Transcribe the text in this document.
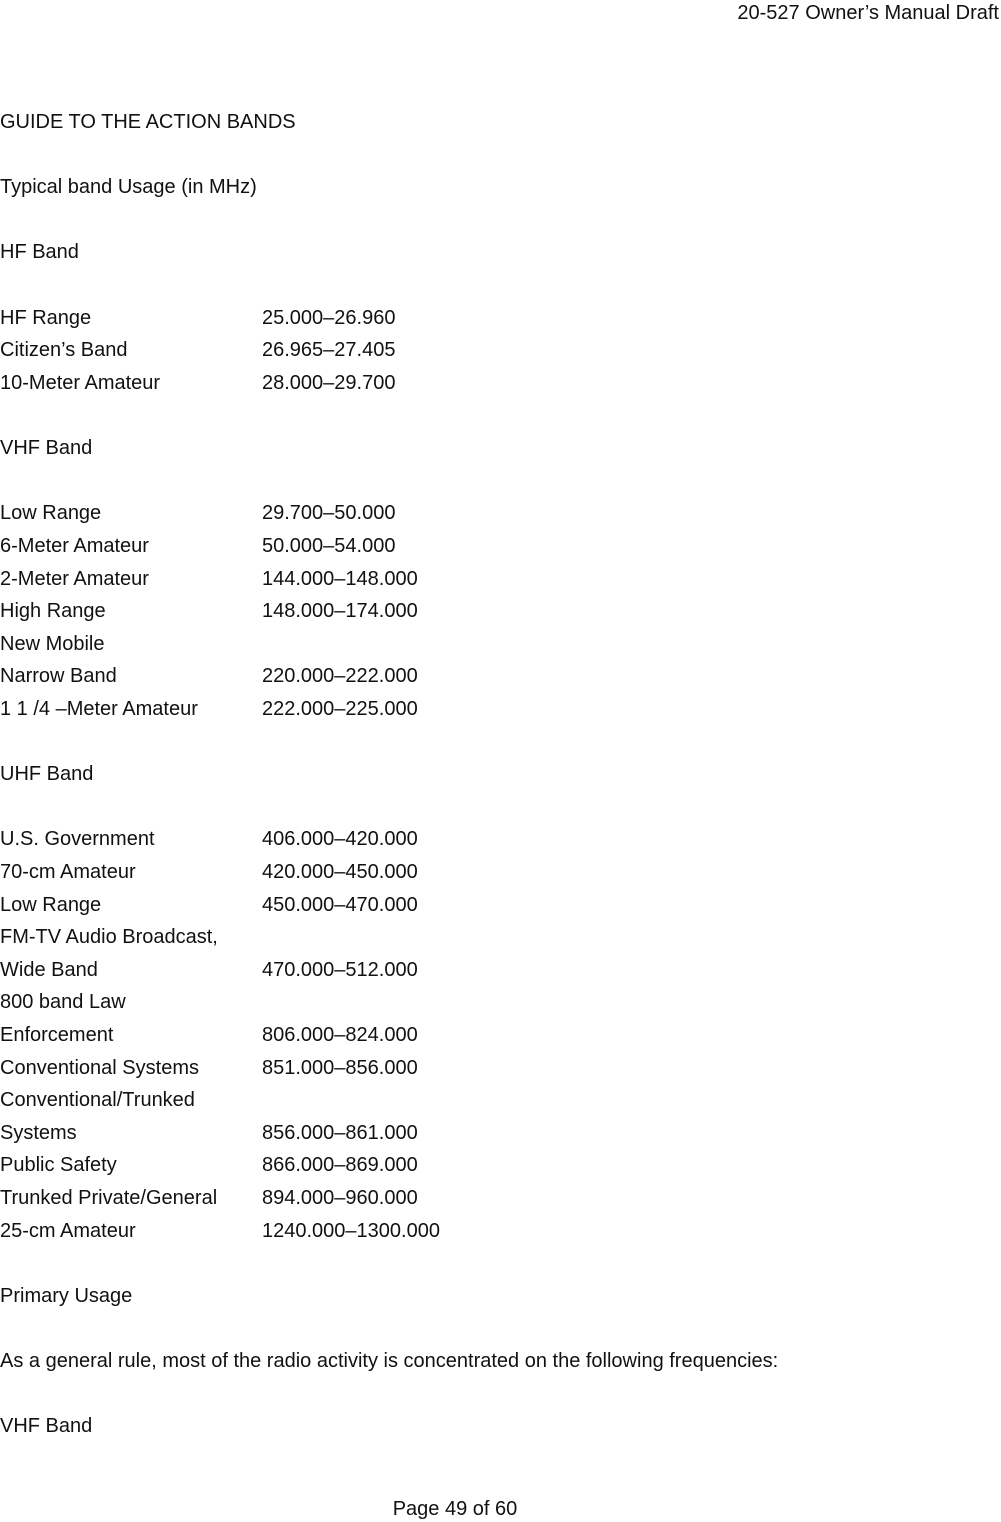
20-527 Owner’s Manual Draft
GUIDE TO THE ACTION BANDS
Typical band Usage (in MHz)
HF Band
HF Range	25.000–26.960
Citizen’s Band	26.965–27.405
10-Meter Amateur	28.000–29.700
VHF Band
Low Range	29.700–50.000
6-Meter Amateur	50.000–54.000
2-Meter Amateur	144.000–148.000
High Range	148.000–174.000
New Mobile
Narrow Band	220.000–222.000
1 1 /4 –Meter Amateur	222.000–225.000
UHF Band
U.S. Government	406.000–420.000
70-cm Amateur	420.000–450.000
Low Range	450.000–470.000
FM-TV Audio Broadcast,
Wide Band	470.000–512.000
800 band Law
Enforcement	806.000–824.000
Conventional Systems	851.000–856.000
Conventional/Trunked
Systems	856.000–861.000
Public Safety	866.000–869.000
Trunked Private/General 894.000–960.000
25-cm Amateur	1240.000–1300.000
Primary Usage
As a general rule, most of the radio activity is concentrated on the following frequencies:
VHF Band
Page 49 of 60
